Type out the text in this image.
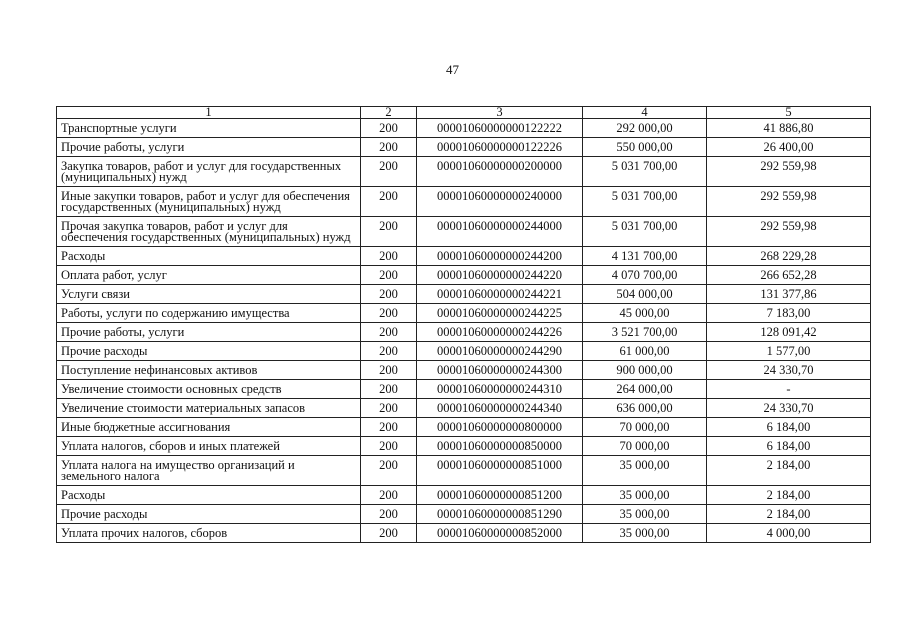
47
1	2	3	4	5
Транспортные услуги	200	00001060000000122222	292 000,00	41 886,80
Прочие работы, услуги	200	00001060000000122226	550 000,00	26 400,00
Закупка товаров, работ и услуг для государственных (муниципальных) нужд	200	00001060000000200000	5 031 700,00	292 559,98
Иные закупки товаров, работ и услуг для обеспечения государственных (муниципальных) нужд	200	00001060000000240000	5 031 700,00	292 559,98
Прочая закупка товаров, работ и услуг для обеспечения государственных (муниципальных) нужд	200	00001060000000244000	5 031 700,00	292 559,98
Расходы	200	00001060000000244200	4 131 700,00	268 229,28
Оплата работ, услуг	200	00001060000000244220	4 070 700,00	266 652,28
Услуги связи	200	00001060000000244221	504 000,00	131 377,86
Работы, услуги по содержанию имущества	200	00001060000000244225	45 000,00	7 183,00
Прочие работы, услуги	200	00001060000000244226	3 521 700,00	128 091,42
Прочие расходы	200	00001060000000244290	61 000,00	1 577,00
Поступление нефинансовых активов	200	00001060000000244300	900 000,00	24 330,70
Увеличение стоимости основных средств	200	00001060000000244310	264 000,00	-
Увеличение стоимости материальных запасов	200	00001060000000244340	636 000,00	24 330,70
Иные бюджетные ассигнования	200	00001060000000800000	70 000,00	6 184,00
Уплата налогов, сборов и иных платежей	200	00001060000000850000	70 000,00	6 184,00
Уплата налога на имущество организаций и земельного налога	200	00001060000000851000	35 000,00	2 184,00
Расходы	200	00001060000000851200	35 000,00	2 184,00
Прочие расходы	200	00001060000000851290	35 000,00	2 184,00
Уплата прочих налогов, сборов	200	00001060000000852000	35 000,00	4 000,00
